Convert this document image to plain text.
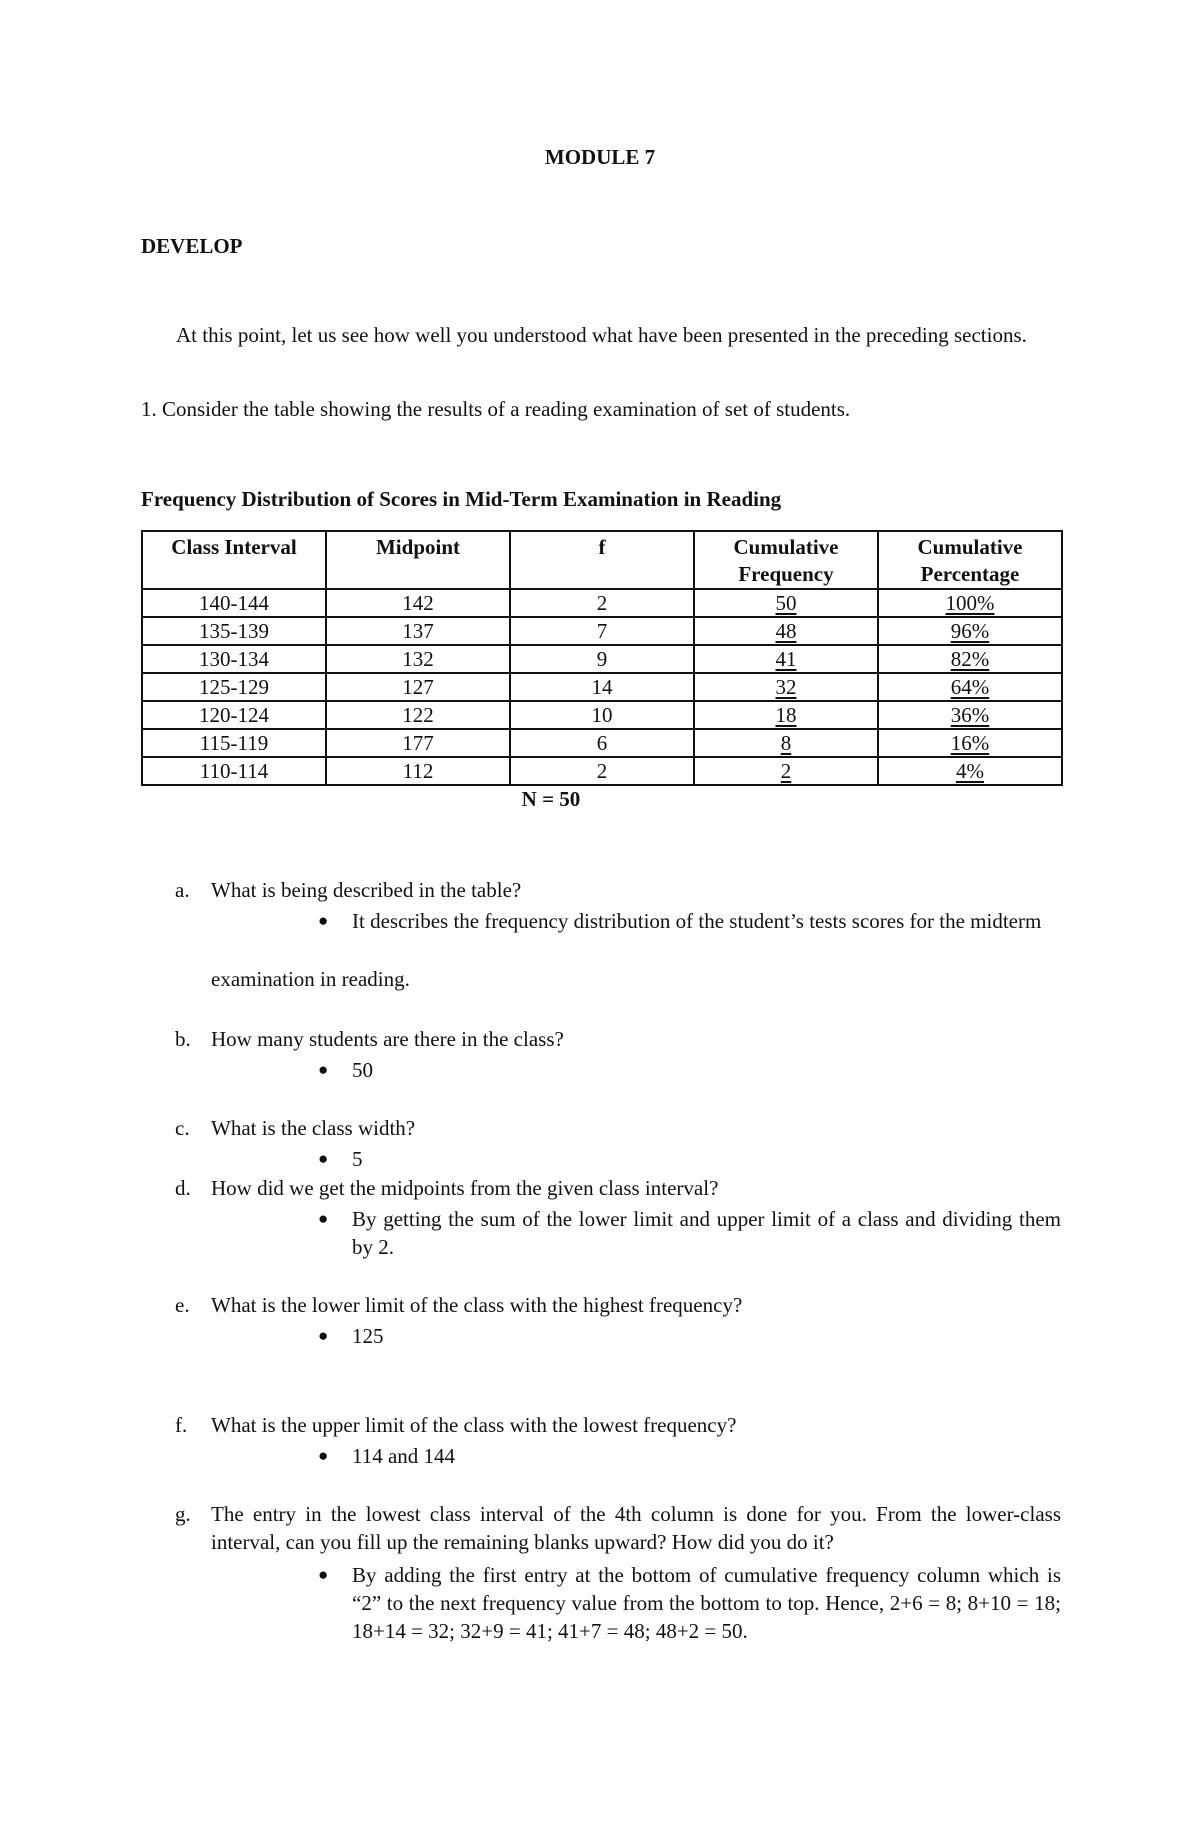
MODULE 7
DEVELOP
At this point, let us see how well you understood what have been presented in the preceding sections.
1. Consider the table showing the results of a reading examination of set of students.
Frequency Distribution of Scores in Mid-Term Examination in Reading
Class Interval	Midpoint	f	Cumulative Frequency	Cumulative Percentage
140-144	142	2	50	100%
135-139	137	7	48	96%
130-134	132	9	41	82%
125-129	127	14	32	64%
120-124	122	10	18	36%
115-119	177	6	8	16%
110-114	112	2	2	4%
N = 50
a.	What is being described in the table?
●	It describes the frequency distribution of the student’s tests scores for the midterm
examination in reading.
b. How many students are there in the class?
●	50
c.	What is the class width?
●	5
d. How did we get the midpoints from the given class interval?
●	By getting the sum of the lower limit and upper limit of a class and dividing them by 2.
e.	What is the lower limit of the class with the highest frequency?
●	125
f.	What is the upper limit of the class with the lowest frequency?
●	114 and 144
g. The entry in the lowest class interval of the 4th column is done for you. From the lower-class interval, can you fill up the remaining blanks upward? How did you do it?
●	By adding the first entry at the bottom of cumulative frequency column which is “2” to the next frequency value from the bottom to top. Hence, 2+6 = 8; 8+10 = 18; 18+14 = 32; 32+9 = 41; 41+7 = 48; 48+2 = 50.
